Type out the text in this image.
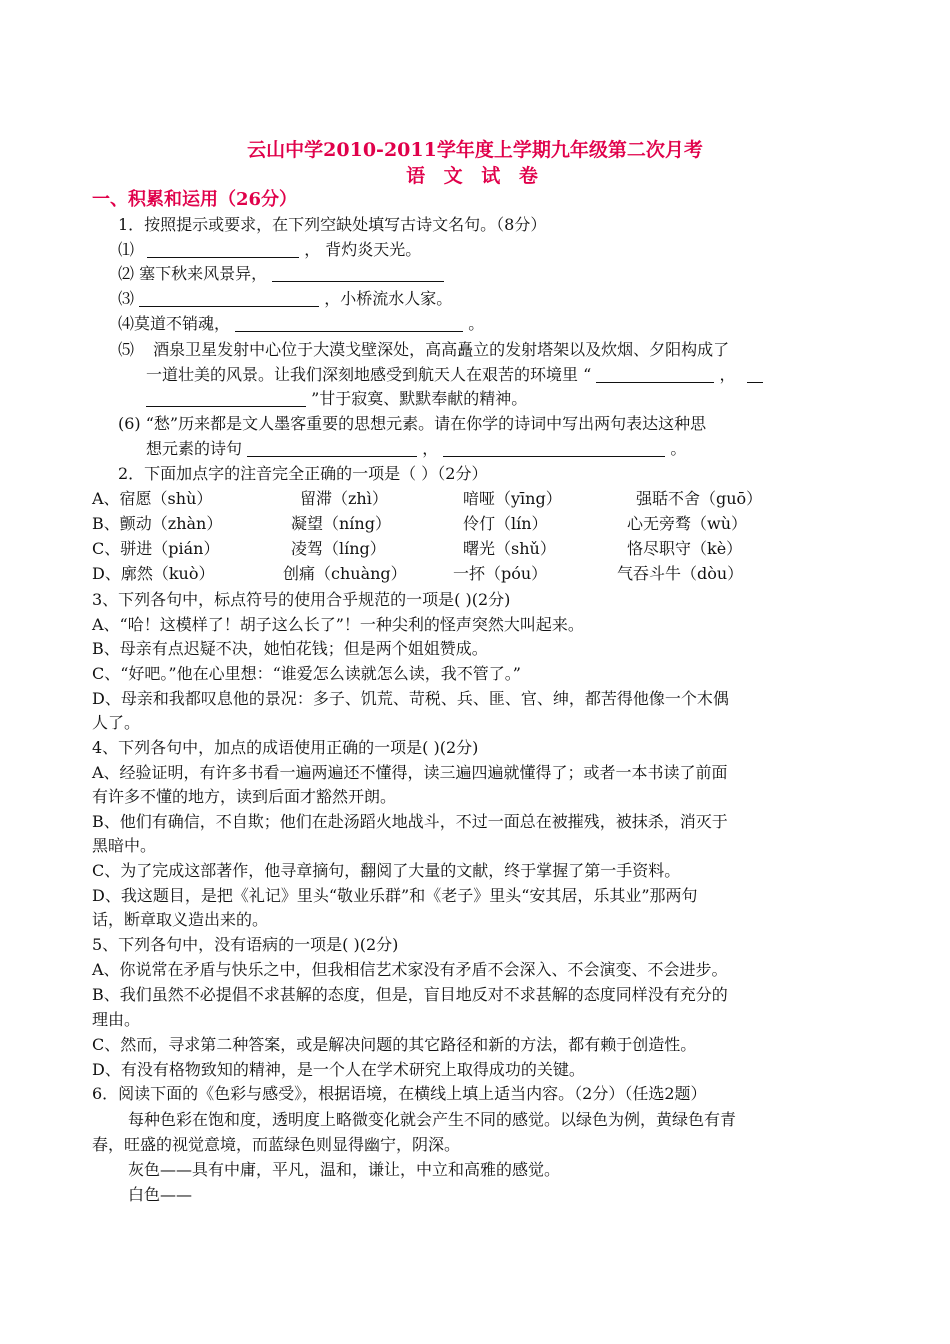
云山中学2010-2011学年度上学期九年级第二次月考
语 文 试 卷
一、积累和运用（26分）
1．按照提示或要求，在下列空缺处填写古诗文名句。（8分）
⑴	， 背灼炎天光。
⑵ 塞下秋来风景异，
⑶	，小桥流水人家。
⑷莫道不销魂，	。
⑸ 酒泉卫星发射中心位于大漠戈壁深处，高高矗立的发射塔架以及炊烟、夕阳构成了
一道壮美的风景。让我们深刻地感受到航天人在艰苦的环境里 “	，
”甘于寂寞、默默奉献的精神。
(6) “愁”历来都是文人墨客重要的思想元素。请在你学的诗词中写出两句表达这种思
想元素的诗句	，	。
2．下面加点字的注音完全正确的一项是（ ）（2分）
A、宿愿（shù）	留滞（zhì）	喑哑（yīng）	强聒不舍（guō）
B、颤动（zhàn）	凝望（níng）	伶仃（lín）	心无旁骛（wù）
C、骈进（pián）	凌驾（líng）	曙光（shǔ）	恪尽职守（kè）
D、廓然（kuò）	创痛（chuàng）	一抔（póu）	气吞斗牛（dòu）
3、下列各句中，标点符号的使用合乎规范的一项是( )(2分)
A、“哈！这模样了！胡子这么长了”！一种尖利的怪声突然大叫起来。
B、母亲有点迟疑不决，她怕花钱；但是两个姐姐赞成。
C、“好吧。”他在心里想：“谁爱怎么读就怎么读，我不管了。”
D、母亲和我都叹息他的景况：多子、饥荒、苛税、兵、匪、官、绅，都苦得他像一个木偶
人了。
4、下列各句中，加点的成语使用正确的一项是( )(2分)
A、经验证明，有许多书看一遍两遍还不懂得，读三遍四遍就懂得了；或者一本书读了前面
有许多不懂的地方，读到后面才豁然开朗。
B、他们有确信，不自欺；他们在赴汤蹈火地战斗，不过一面总在被摧残，被抹杀，消灭于
黑暗中。
C、为了完成这部著作，他寻章摘句，翻阅了大量的文献，终于掌握了第一手资料。
D、我这题目，是把《礼记》里头“敬业乐群”和《老子》里头“安其居，乐其业”那两句
话，断章取义造出来的。
5、下列各句中，没有语病的一项是( )(2分)
A、你说常在矛盾与快乐之中，但我相信艺术家没有矛盾不会深入、不会演变、不会进步。
B、我们虽然不必提倡不求甚解的态度，但是，盲目地反对不求甚解的态度同样没有充分的
理由。
C、然而，寻求第二种答案，或是解决问题的其它路径和新的方法，都有赖于创造性。
D、有没有格物致知的精神，是一个人在学术研究上取得成功的关键。
6．阅读下面的《色彩与感受》，根据语境，在横线上填上适当内容。（2分）（任选2题）
每种色彩在饱和度，透明度上略微变化就会产生不同的感觉。以绿色为例，黄绿色有青
春，旺盛的视觉意境，而蓝绿色则显得幽宁，阴深。
灰色——具有中庸，平凡，温和，谦让，中立和高雅的感觉。
白色——
